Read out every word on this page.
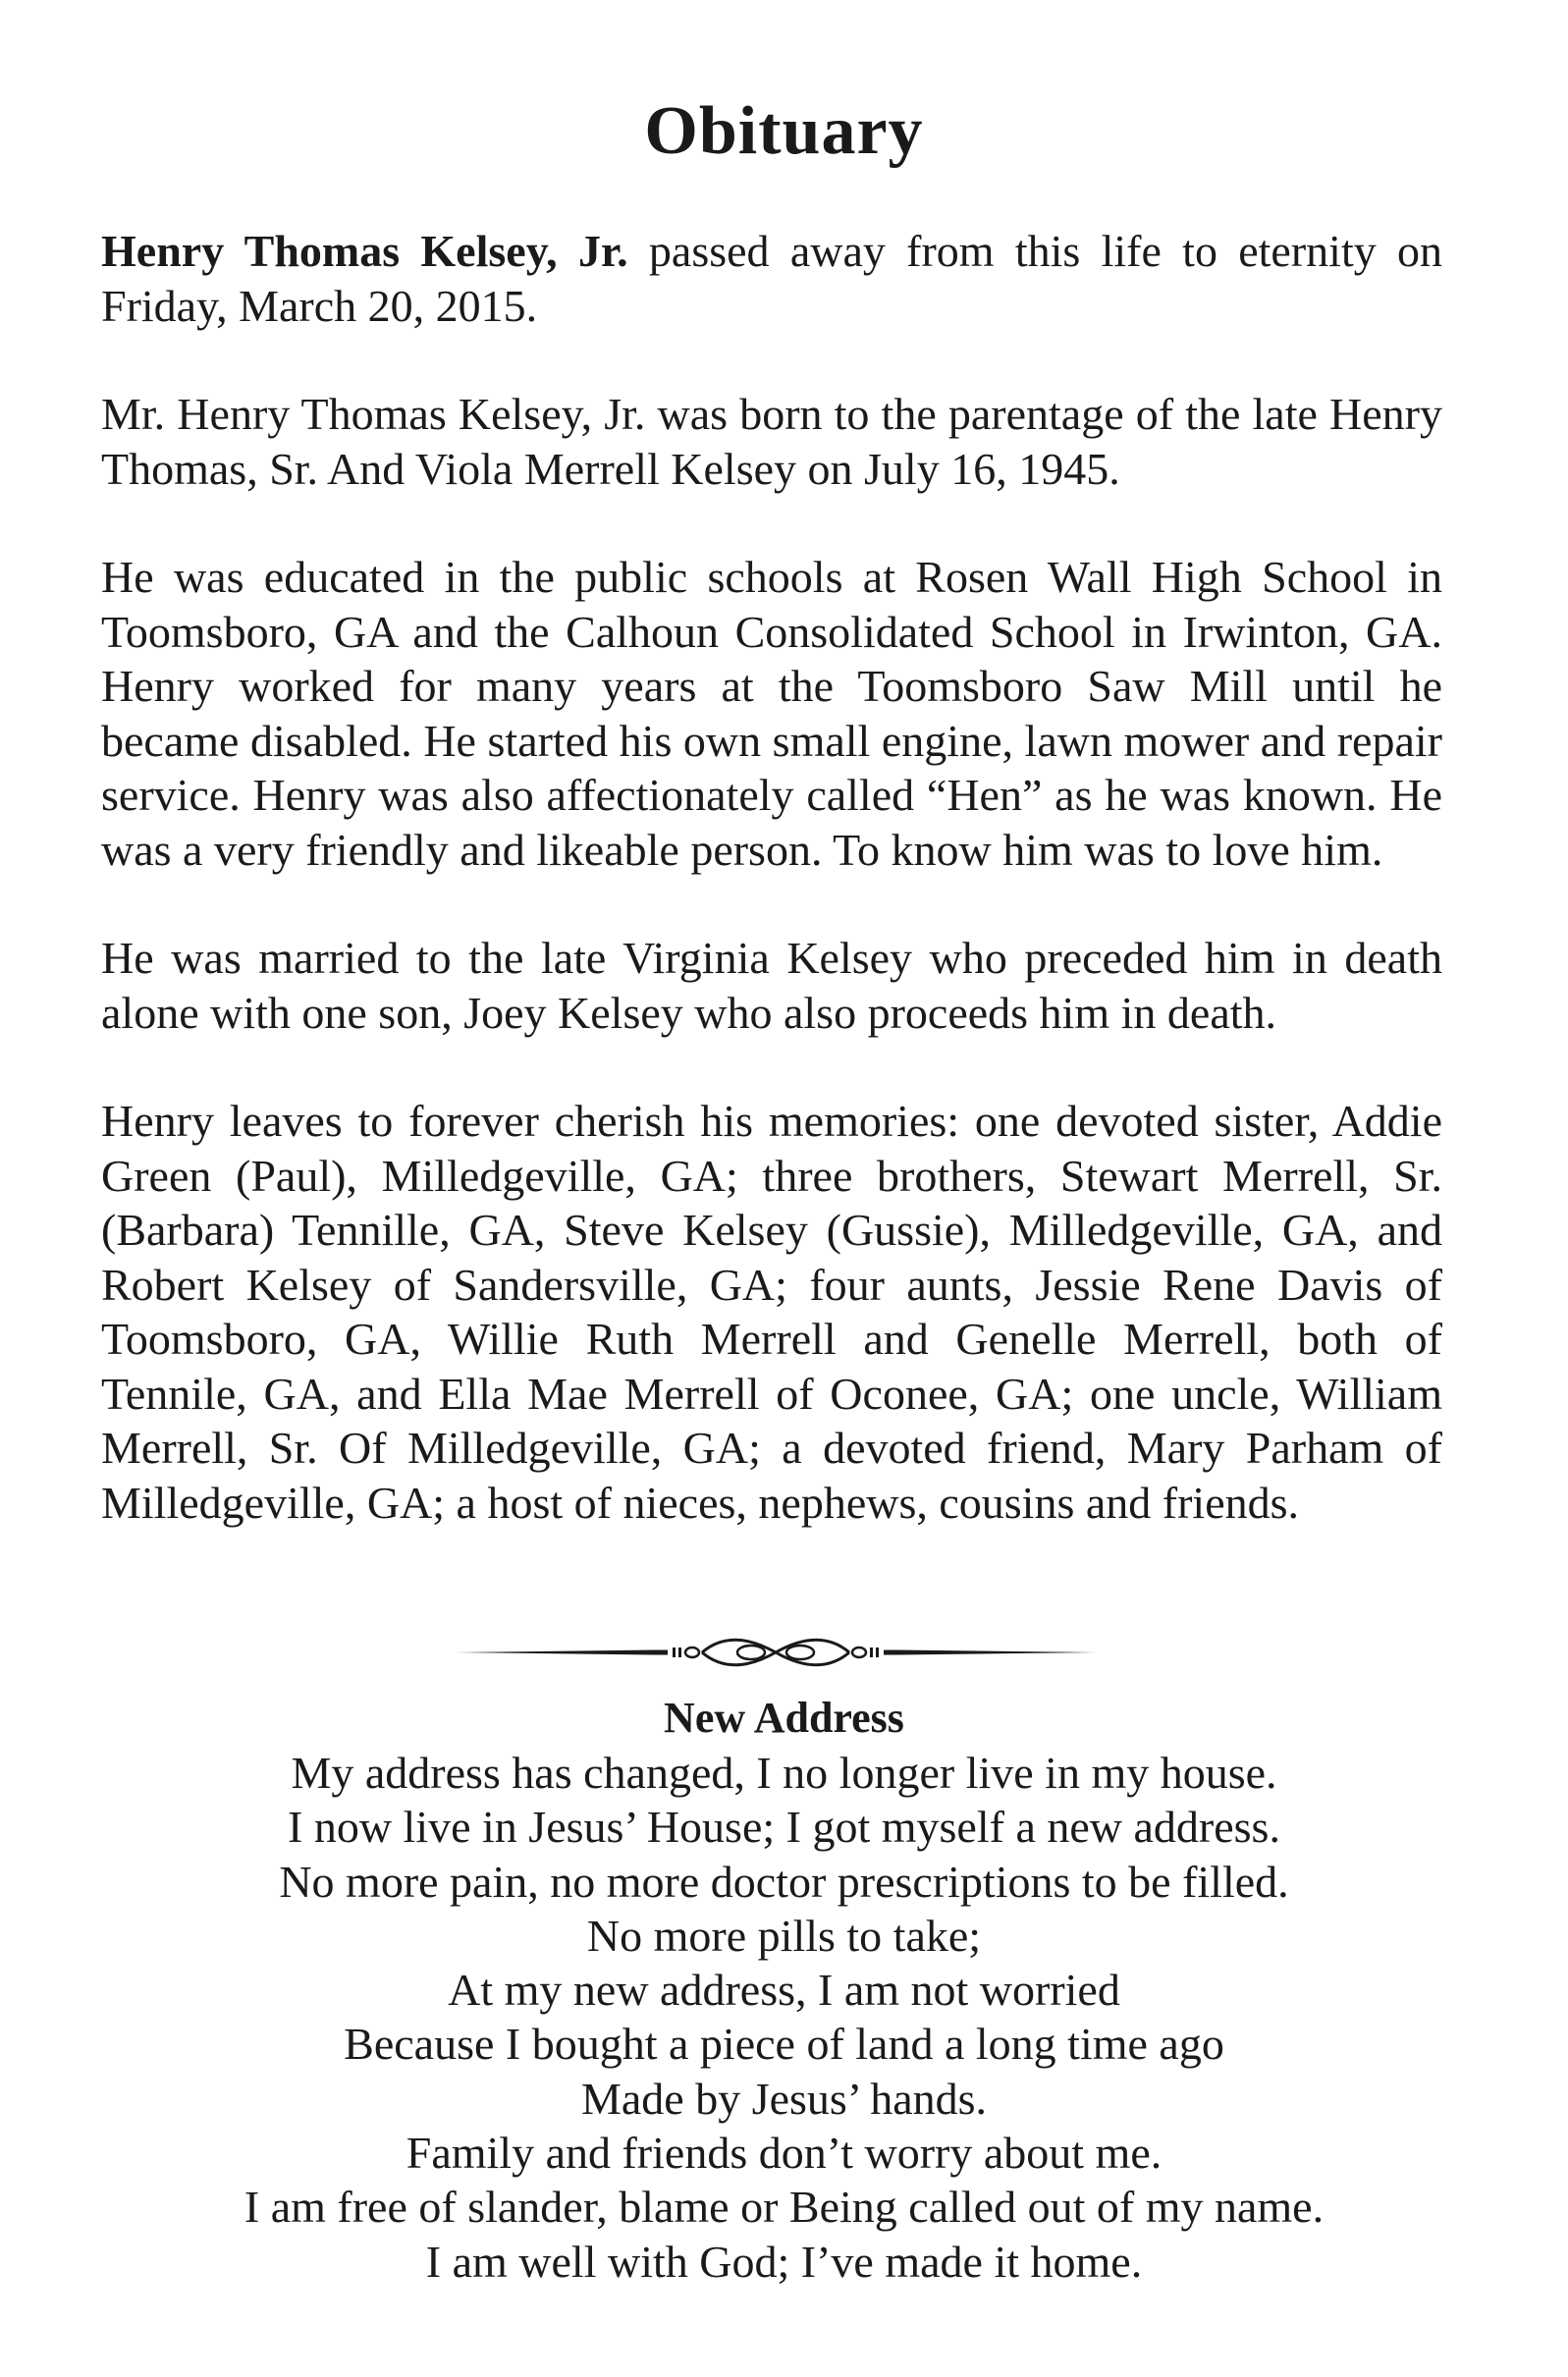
Obituary

Henry Thomas Kelsey, Jr. passed away from this life to eternity on Friday, March 20, 2015.

Mr. Henry Thomas Kelsey, Jr. was born to the parentage of the late Henry Thomas, Sr. And Viola Merrell Kelsey on July 16, 1945.

He was educated in the public schools at Rosen Wall High School in Toomsboro, GA and the Calhoun Consolidated School in Irwinton, GA. Henry worked for many years at the Toomsboro Saw Mill until he became disabled. He started his own small engine, lawn mower and repair service. Henry was also affectionately called “Hen” as he was known. He was a very friendly and likeable person. To know him was to love him.

He was married to the late Virginia Kelsey who preceded him in death alone with one son, Joey Kelsey who also proceeds him in death.

Henry leaves to forever cherish his memories: one devoted sister, Addie Green (Paul), Milledgeville, GA; three brothers, Stewart Merrell, Sr. (Barbara) Tennille, GA, Steve Kelsey (Gussie), Milledgeville, GA, and Robert Kelsey of Sandersville, GA; four aunts, Jessie Rene Davis of Toomsboro, GA, Willie Ruth Merrell and Genelle Merrell, both of Tennile, GA, and Ella Mae Merrell of Oconee, GA; one uncle, William Merrell, Sr. Of Milledgeville, GA; a devoted friend, Mary Parham of Milledgeville, GA; a host of nieces, nephews, cousins and friends.

New Address
My address has changed, I no longer live in my house.
I now live in Jesus’ House; I got myself a new address.
No more pain, no more doctor prescriptions to be filled.
No more pills to take;
At my new address, I am not worried
Because I bought a piece of land a long time ago
Made by Jesus’ hands.
Family and friends don’t worry about me.
I am free of slander, blame or Being called out of my name.
I am well with God; I’ve made it home.
